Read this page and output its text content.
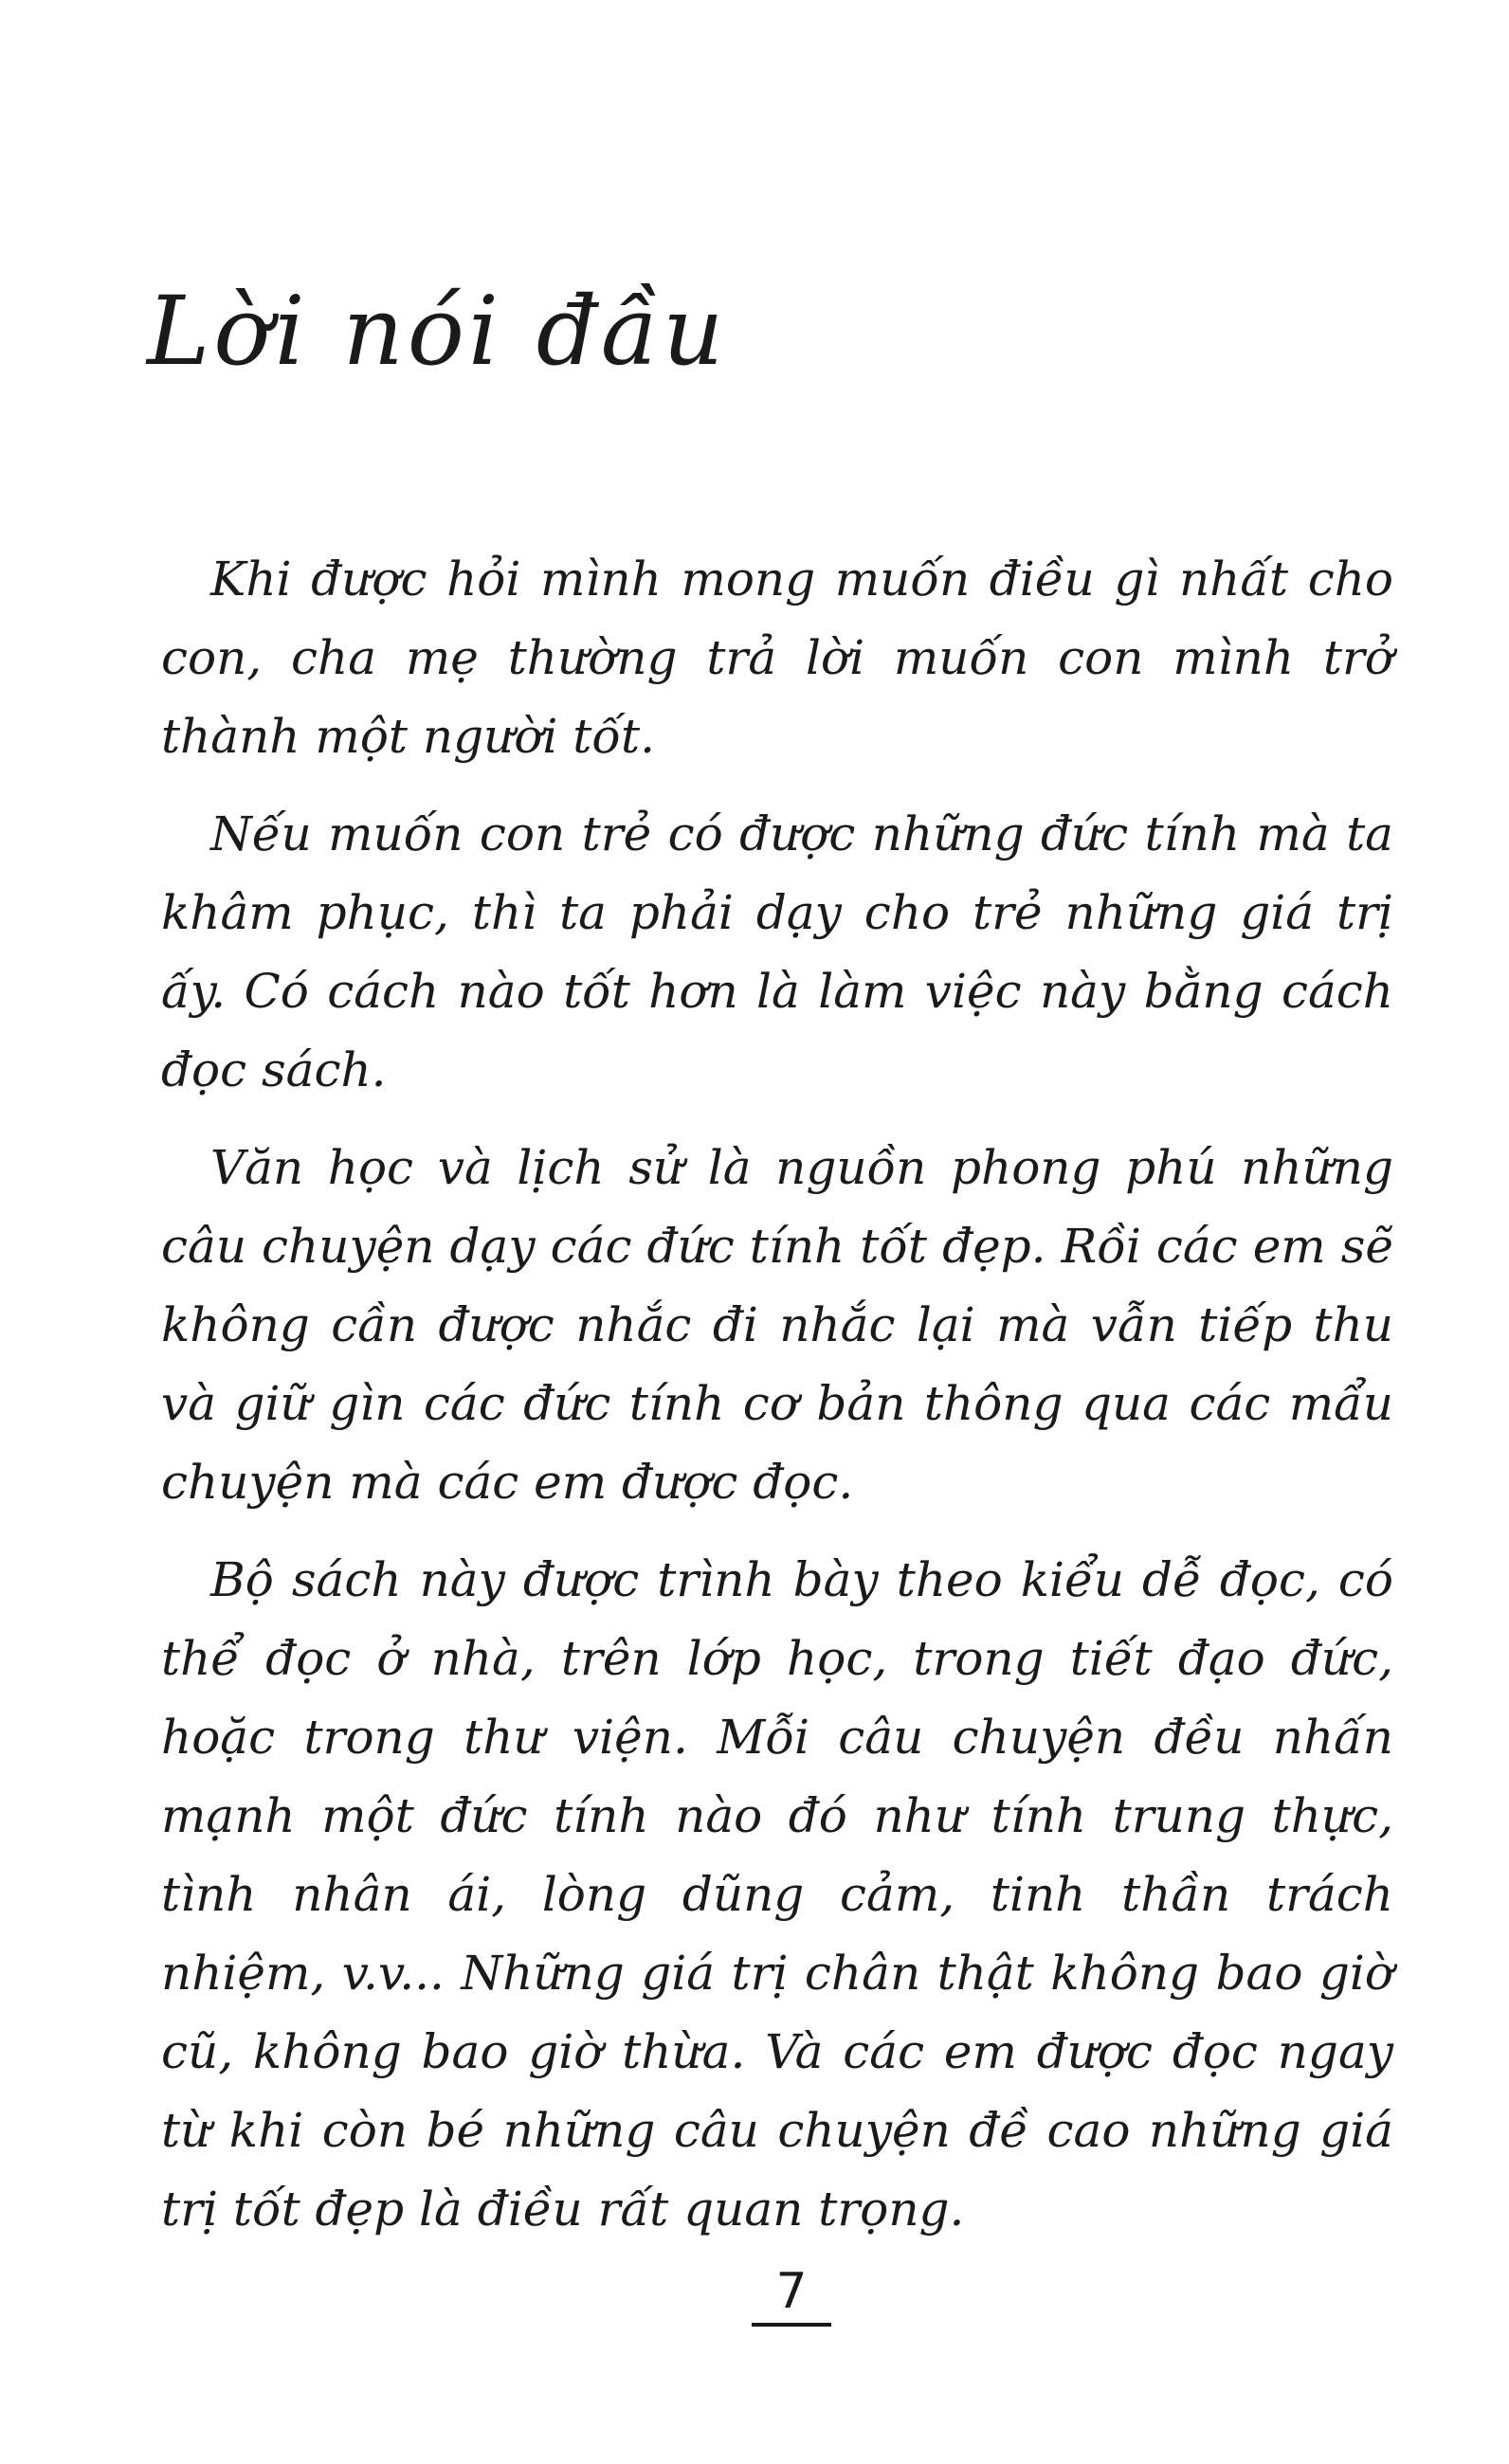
Lời nói đầu

Khi được hỏi mình mong muốn điều gì nhất cho con, cha mẹ thường trả lời muốn con mình trở thành một người tốt.

Nếu muốn con trẻ có được những đức tính mà ta khâm phục, thì ta phải dạy cho trẻ những giá trị ấy. Có cách nào tốt hơn là làm việc này bằng cách đọc sách.

Văn học và lịch sử là nguồn phong phú những câu chuyện dạy các đức tính tốt đẹp. Rồi các em sẽ không cần được nhắc đi nhắc lại mà vẫn tiếp thu và giữ gìn các đức tính cơ bản thông qua các mẩu chuyện mà các em được đọc.

Bộ sách này được trình bày theo kiểu dễ đọc, có thể đọc ở nhà, trên lớp học, trong tiết đạo đức, hoặc trong thư viện. Mỗi câu chuyện đều nhấn mạnh một đức tính nào đó như tính trung thực, tình nhân ái, lòng dũng cảm, tinh thần trách nhiệm, v.v... Những giá trị chân thật không bao giờ cũ, không bao giờ thừa. Và các em được đọc ngay từ khi còn bé những câu chuyện đề cao những giá trị tốt đẹp là điều rất quan trọng.

7
